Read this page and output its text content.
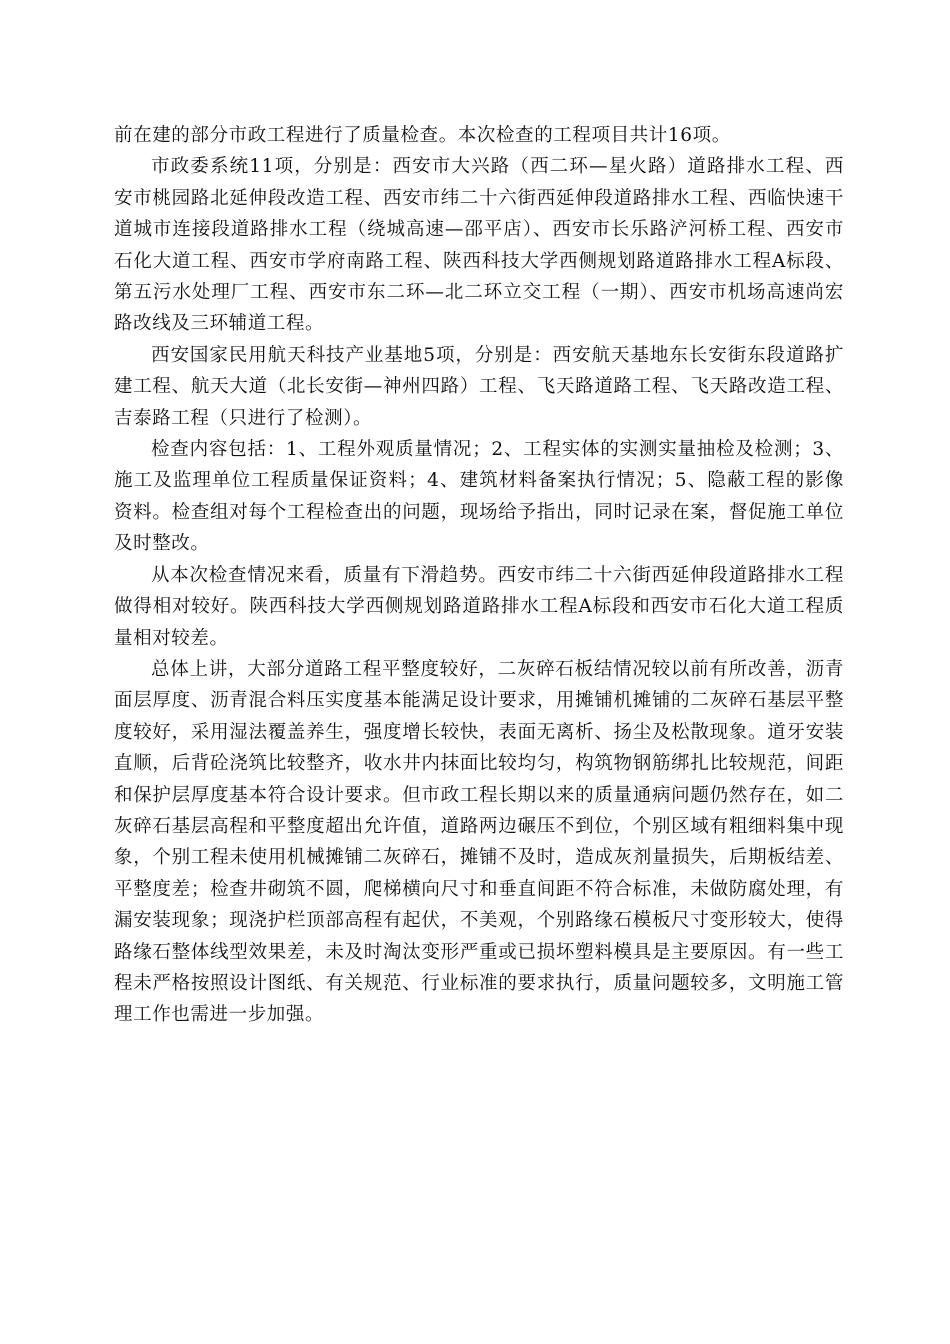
前在建的部分市政工程进行了质量检查。本次检查的工程项目共计16项。

市政委系统11项，分别是：西安市大兴路（西二环—星火路）道路排水工程、西安市桃园路北延伸段改造工程、西安市纬二十六街西延伸段道路排水工程、西临快速干道城市连接段道路排水工程（绕城高速—邵平店）、西安市长乐路浐河桥工程、西安市石化大道工程、西安市学府南路工程、陕西科技大学西侧规划路道路排水工程A标段、第五污水处理厂工程、西安市东二环—北二环立交工程（一期）、西安市机场高速尚宏路改线及三环辅道工程。

西安国家民用航天科技产业基地5项，分别是：西安航天基地东长安街东段道路扩建工程、航天大道（北长安街—神州四路）工程、飞天路道路工程、飞天路改造工程、吉泰路工程（只进行了检测）。

检查内容包括：1、工程外观质量情况；2、工程实体的实测实量抽检及检测；3、施工及监理单位工程质量保证资料；4、建筑材料备案执行情况；5、隐蔽工程的影像资料。检查组对每个工程检查出的问题，现场给予指出，同时记录在案，督促施工单位及时整改。

从本次检查情况来看，质量有下滑趋势。西安市纬二十六街西延伸段道路排水工程做得相对较好。陕西科技大学西侧规划路道路排水工程A标段和西安市石化大道工程质量相对较差。

总体上讲，大部分道路工程平整度较好，二灰碎石板结情况较以前有所改善，沥青面层厚度、沥青混合料压实度基本能满足设计要求，用摊铺机摊铺的二灰碎石基层平整度较好，采用湿法覆盖养生，强度增长较快，表面无离析、扬尘及松散现象。道牙安装直顺，后背砼浇筑比较整齐，收水井内抹面比较均匀，构筑物钢筋绑扎比较规范，间距和保护层厚度基本符合设计要求。但市政工程长期以来的质量通病问题仍然存在，如二灰碎石基层高程和平整度超出允许值，道路两边碾压不到位，个别区域有粗细料集中现象，个别工程未使用机械摊铺二灰碎石，摊铺不及时，造成灰剂量损失，后期板结差、平整度差；检查井砌筑不圆，爬梯横向尺寸和垂直间距不符合标准，未做防腐处理，有漏安装现象；现浇护栏顶部高程有起伏，不美观，个别路缘石模板尺寸变形较大，使得路缘石整体线型效果差，未及时淘汰变形严重或已损坏塑料模具是主要原因。有一些工程未严格按照设计图纸、有关规范、行业标准的要求执行，质量问题较多，文明施工管理工作也需进一步加强。
